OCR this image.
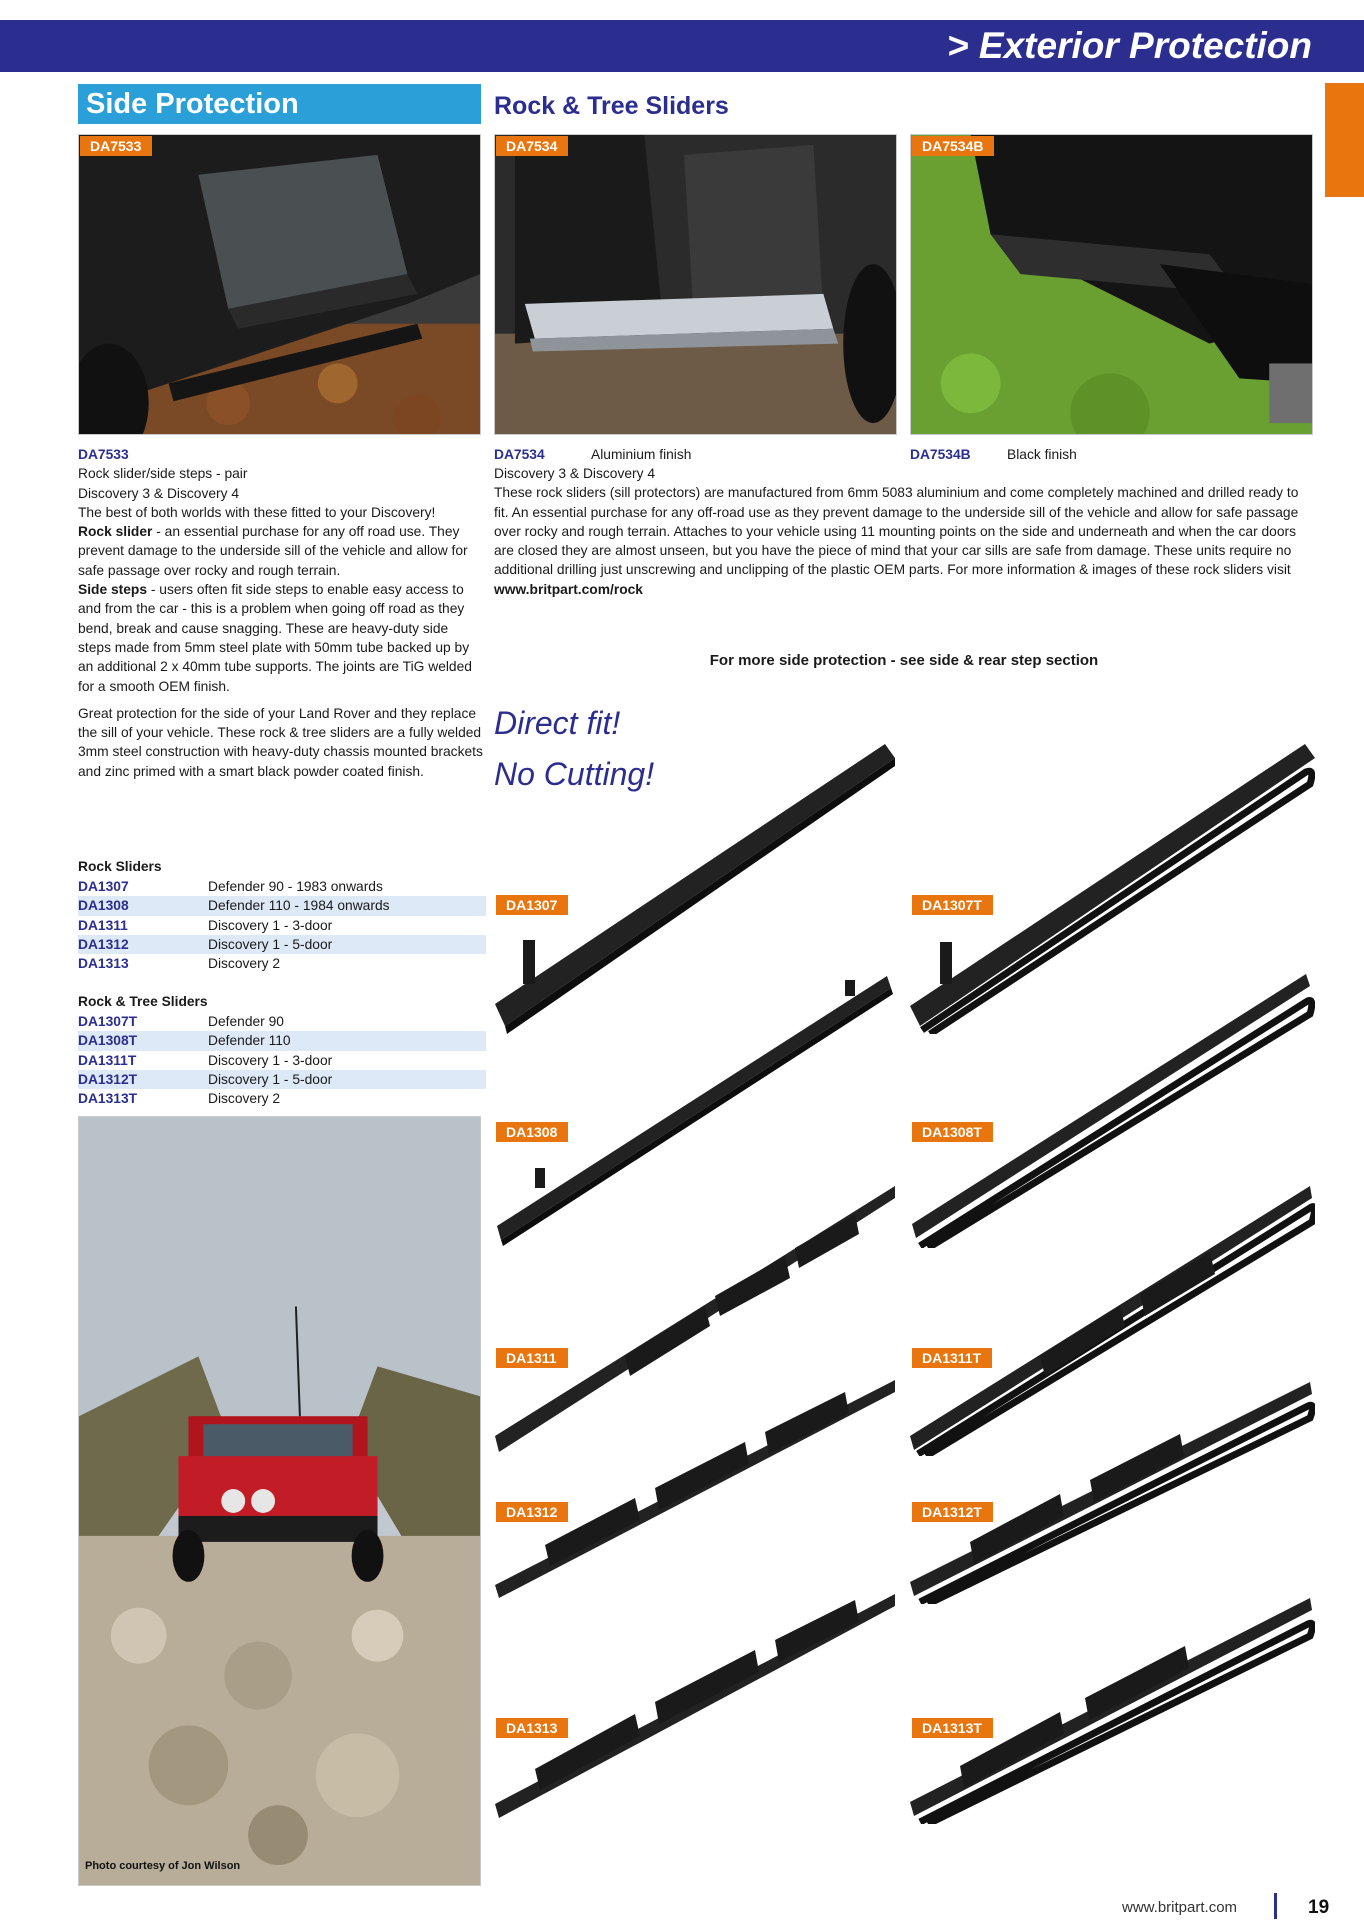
> Exterior Protection
Side Protection	Rock & Tree Sliders
DA7533	DA7534	DA7534B
DA7533
Rock slider/side steps - pair
Discovery 3 & Discovery 4
The best of both worlds with these fitted to your Discovery!
Rock slider - an essential purchase for any off road use. They prevent damage to the underside sill of the vehicle and allow for safe passage over rocky and rough terrain.
Side steps - users often fit side steps to enable easy access to and from the car - this is a problem when going off road as they bend, break and cause snagging. These are heavy-duty side steps made from 5mm steel plate with 50mm tube backed up by an additional 2 x 40mm tube supports. The joints are TiG welded for a smooth OEM finish.
Great protection for the side of your Land Rover and they replace the sill of your vehicle. These rock & tree sliders are a fully welded 3mm steel construction with heavy-duty chassis mounted brackets and zinc primed with a smart black powder coated finish.
DA7534	Aluminium finish	DA7534B	Black finish
Discovery 3 & Discovery 4
These rock sliders (sill protectors) are manufactured from 6mm 5083 aluminium and come completely machined and drilled ready to fit. An essential purchase for any off-road use as they prevent damage to the underside sill of the vehicle and allow for safe passage over rocky and rough terrain. Attaches to your vehicle using 11 mounting points on the side and underneath and when the car doors are closed they are almost unseen, but you have the piece of mind that your car sills are safe from damage. These units require no additional drilling just unscrewing and unclipping of the plastic OEM parts. For more information & images of these rock sliders visit www.britpart.com/rock
For more side protection - see side & rear step section
Direct fit!
No Cutting!
Rock Sliders
DA1307	Defender 90 - 1983 onwards
DA1308	Defender 110 - 1984 onwards
DA1311	Discovery 1 - 3-door
DA1312	Discovery 1 - 5-door
DA1313	Discovery 2
Rock & Tree Sliders
DA1307T	Defender 90
DA1308T	Defender 110
DA1311T	Discovery 1 - 3-door
DA1312T	Discovery 1 - 5-door
DA1313T	Discovery 2
Photo courtesy of Jon Wilson
DA1307
DA1308
DA1311
DA1312
DA1313
DA1307T
DA1308T
DA1311T
DA1312T
DA1313T
www.britpart.com	19
